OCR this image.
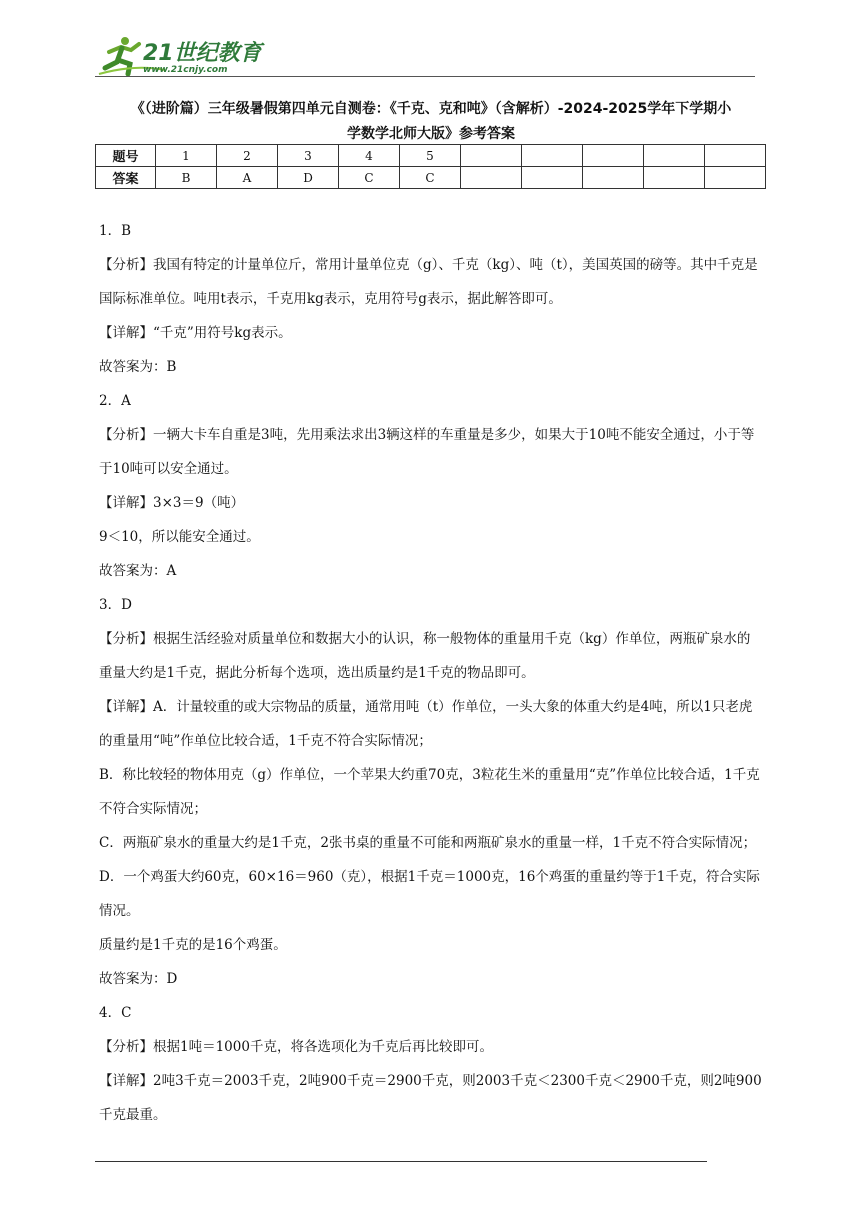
21世纪教育
www.21cnjy.com
《（进阶篇）三年级暑假第四单元自测卷：《千克、克和吨》（含解析）-2024-2025学年下学期小
学数学北师大版》参考答案
题号	1	2	3	4	5					
答案	B	A	D	C	C					

1．B

【分析】我国有特定的计量单位斤，常用计量单位克（g）、千克（kg）、吨（t），美国英国的磅等。其中千克是国际标准单位。吨用t表示，千克用kg表示，克用符号g表示，据此解答即可。

【详解】“千克”用符号kg表示。

故答案为：B

2．A

【分析】一辆大卡车自重是3吨，先用乘法求出3辆这样的车重量是多少，如果大于10吨不能安全通过，小于等于10吨可以安全通过。

【详解】3×3＝9（吨）

9＜10，所以能安全通过。

故答案为：A

3．D

【分析】根据生活经验对质量单位和数据大小的认识，称一般物体的重量用千克（kg）作单位，两瓶矿泉水的重量大约是1千克，据此分析每个选项，选出质量约是1千克的物品即可。

【详解】A．计量较重的或大宗物品的质量，通常用吨（t）作单位，一头大象的体重大约是4吨，所以1只老虎的重量用“吨”作单位比较合适，1千克不符合实际情况；

B．称比较轻的物体用克（g）作单位，一个苹果大约重70克，3粒花生米的重量用“克”作单位比较合适，1千克不符合实际情况；

C．两瓶矿泉水的重量大约是1千克，2张书桌的重量不可能和两瓶矿泉水的重量一样，1千克不符合实际情况；

D．一个鸡蛋大约60克，60×16＝960（克），根据1千克＝1000克，16个鸡蛋的重量约等于1千克，符合实际情况。

质量约是1千克的是16个鸡蛋。

故答案为：D

4．C

【分析】根据1吨＝1000千克，将各选项化为千克后再比较即可。

【详解】2吨3千克＝2003千克，2吨900千克＝2900千克，则2003千克＜2300千克＜2900千克，则2吨900千克最重。
